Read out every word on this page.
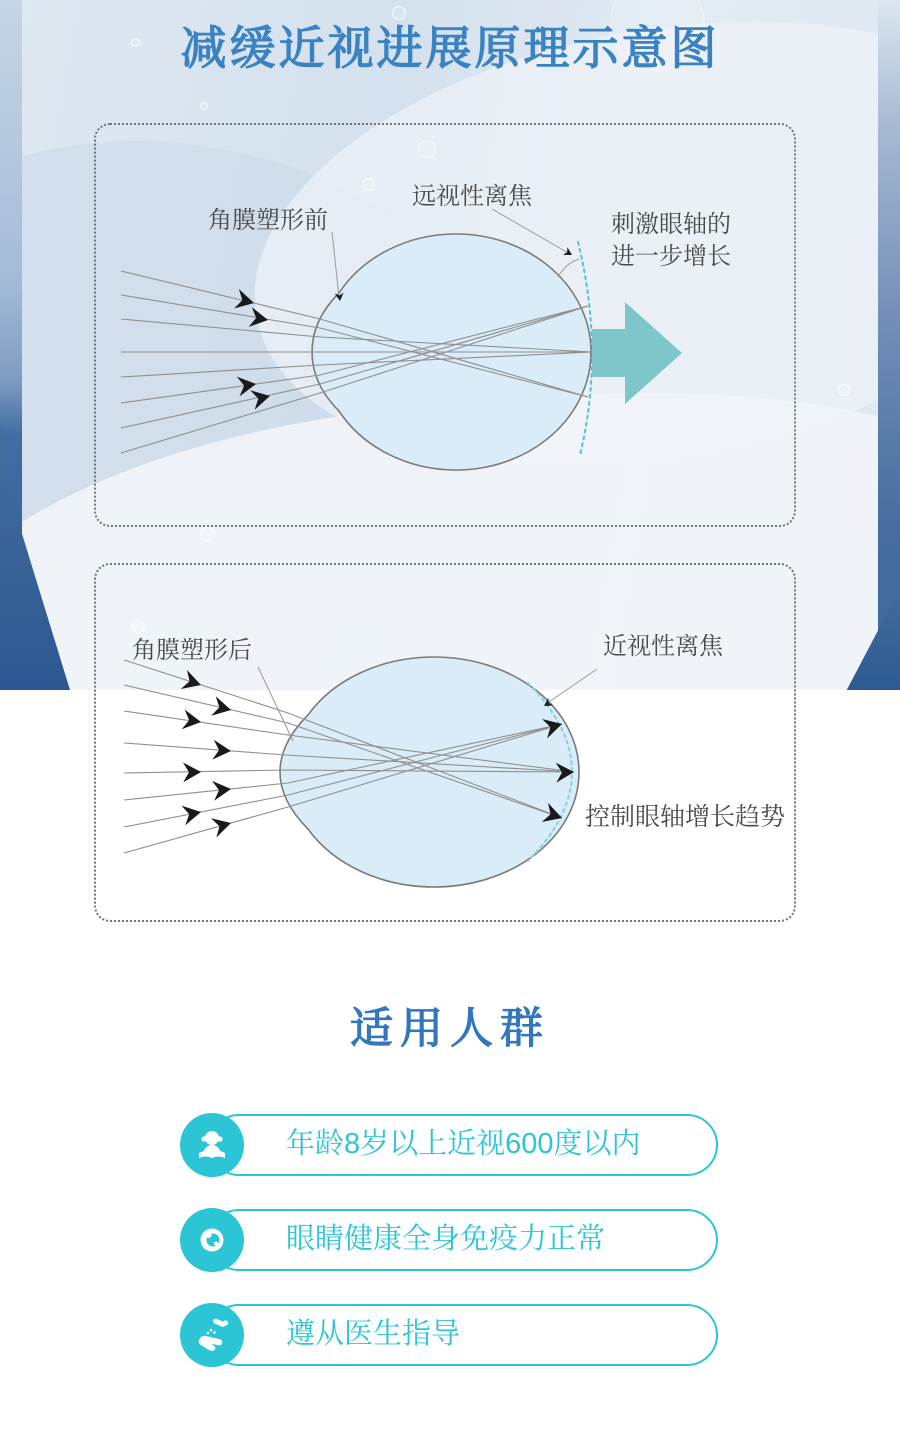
减缓近视进展原理示意图
角膜塑形前
远视性离焦
刺激眼轴的
进一步增长
角膜塑形后	近视性离焦
控制眼轴增长趋势
适用人群
年龄8岁以上近视600度以内
眼睛健康全身免疫力正常
遵从医生指导
